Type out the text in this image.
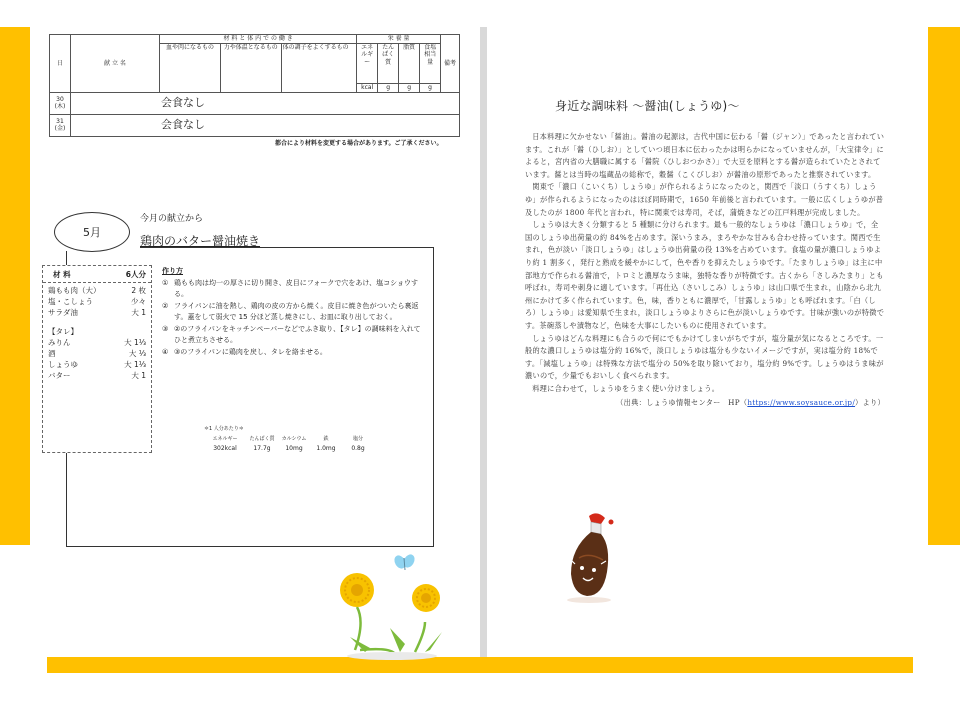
日	献 立 名	材 料 と 体 内 で の 働 き			栄 養 量				備考
		血や肉になるもの	力や体温となるもの	体の調子をよくするもの	エネルギー	たんぱく質	脂質	食塩相当量	
					kcal	g	g	g	
30
(木)	会食なし								
31
(金)	会食なし								
都合により材料を変更する場合があります。ご了承ください。
5月
今月の献立から
鶏肉のバター醤油焼き
材 料	6人分
鶏もも肉（大）	2 枚
塩・こしょう	少々
サラダ油	大 1
【タレ】
みりん	大 1⅓
酒	大 ⅓
しょうゆ	大 1⅓
バター	大 1
作り方
① 鶏もも肉は均一の厚さに切り開き、皮目にフォークで穴をあけ、塩コショウする。
② フライパンに油を熱し、鶏肉の皮の方から焼く。皮目に焼き色がついたら裏返す。蓋をして弱火で 15 分ほど蒸し焼きにし、お皿に取り出しておく。
③ ②のフライパンをキッチンペーパーなどでふき取り、【タレ】の調味料を入れてひと煮立ちさせる。
④ ③のフライパンに鶏肉を戻し、タレを絡ませる。
＊1 人分あたり＊
エネルギー	たんぱく質	カルシウム	鉄	塩分
302kcal	17.7g	10mg	1.0mg	0.8g
身近な調味料 ～醤油(しょうゆ)～

日本料理に欠かせない「醤油」。醤油の起源は，古代中国に伝わる「醤（ジャン）」であったと言われています。これが「醤（ひしお）」としていつ頃日本に伝わったかは明らかになっていませんが，「大宝律令」によると，宮内省の大膳職に属する「醤院（ひしおつかさ）」で大豆を原料とする醤が造られていたとされています。醤とは当時の塩蔵品の総称で，穀醤（こくびしお）が醤油の原形であったと推察されています。

関東で「濃口（こいくち）しょうゆ」が作られるようになったのと，関西で「淡口（うすくち）しょうゆ」が作られるようになったのはほぼ同時期で，1650 年前後と言われています。一般に広くしょうゆが普及したのが 1800 年代と言われ，特に関東では寿司，そば，蒲焼きなどの江戸料理が完成しました。

しょうゆは大きく分類すると 5 種類に分けられます。最も一般的なしょうゆは「濃口しょうゆ」で，全国のしょうゆ出荷量の約 84%を占めます。深いうまみ，まろやかな甘みも合わせ持っています。関西で生まれ，色が淡い「淡口しょうゆ」はしょうゆ出荷量の役 13%を占めています。食塩の量が濃口しょうゆより約 1 割多く，発行と熟成を緩やかにして，色や香りを抑えたしょうゆです。「たまりしょうゆ」は主に中部地方で作られる醤油で，トロミと濃厚なうま味，独特な香りが特徴です。古くから「さしみたまり」とも呼ばれ，寿司や刺身に適しています。「再仕込（さいしこみ）しょうゆ」は山口県で生まれ，山陰から北九州にかけて多く作られています。色，味，香りともに濃厚で，「甘露しょうゆ」とも呼ばれます。「白（しろ）しょうゆ」は愛知県で生まれ，淡口しょうゆよりさらに色が淡いしょうゆです。甘味が強いのが特徴です。茶碗蒸しや漬物など，色味を大事にしたいものに使用されています。

しょうゆはどんな料理にも合うので何にでもかけてしまいがちですが，塩分量が気になるところです。一般的な濃口しょうゆは塩分約 16%で，淡口しょうゆは塩分も少ないイメージですが，実は塩分約 18%です。「減塩しょうゆ」は特殊な方法で塩分の 50%を取り除いており，塩分約 9%です。しょうゆはうま味が濃いので，少量でもおいしく食べられます。

料理に合わせて，しょうゆをうまく使い分けましょう。

（出典：しょうゆ情報センター　HP（https://www.soysauce.or.jp/）より）
